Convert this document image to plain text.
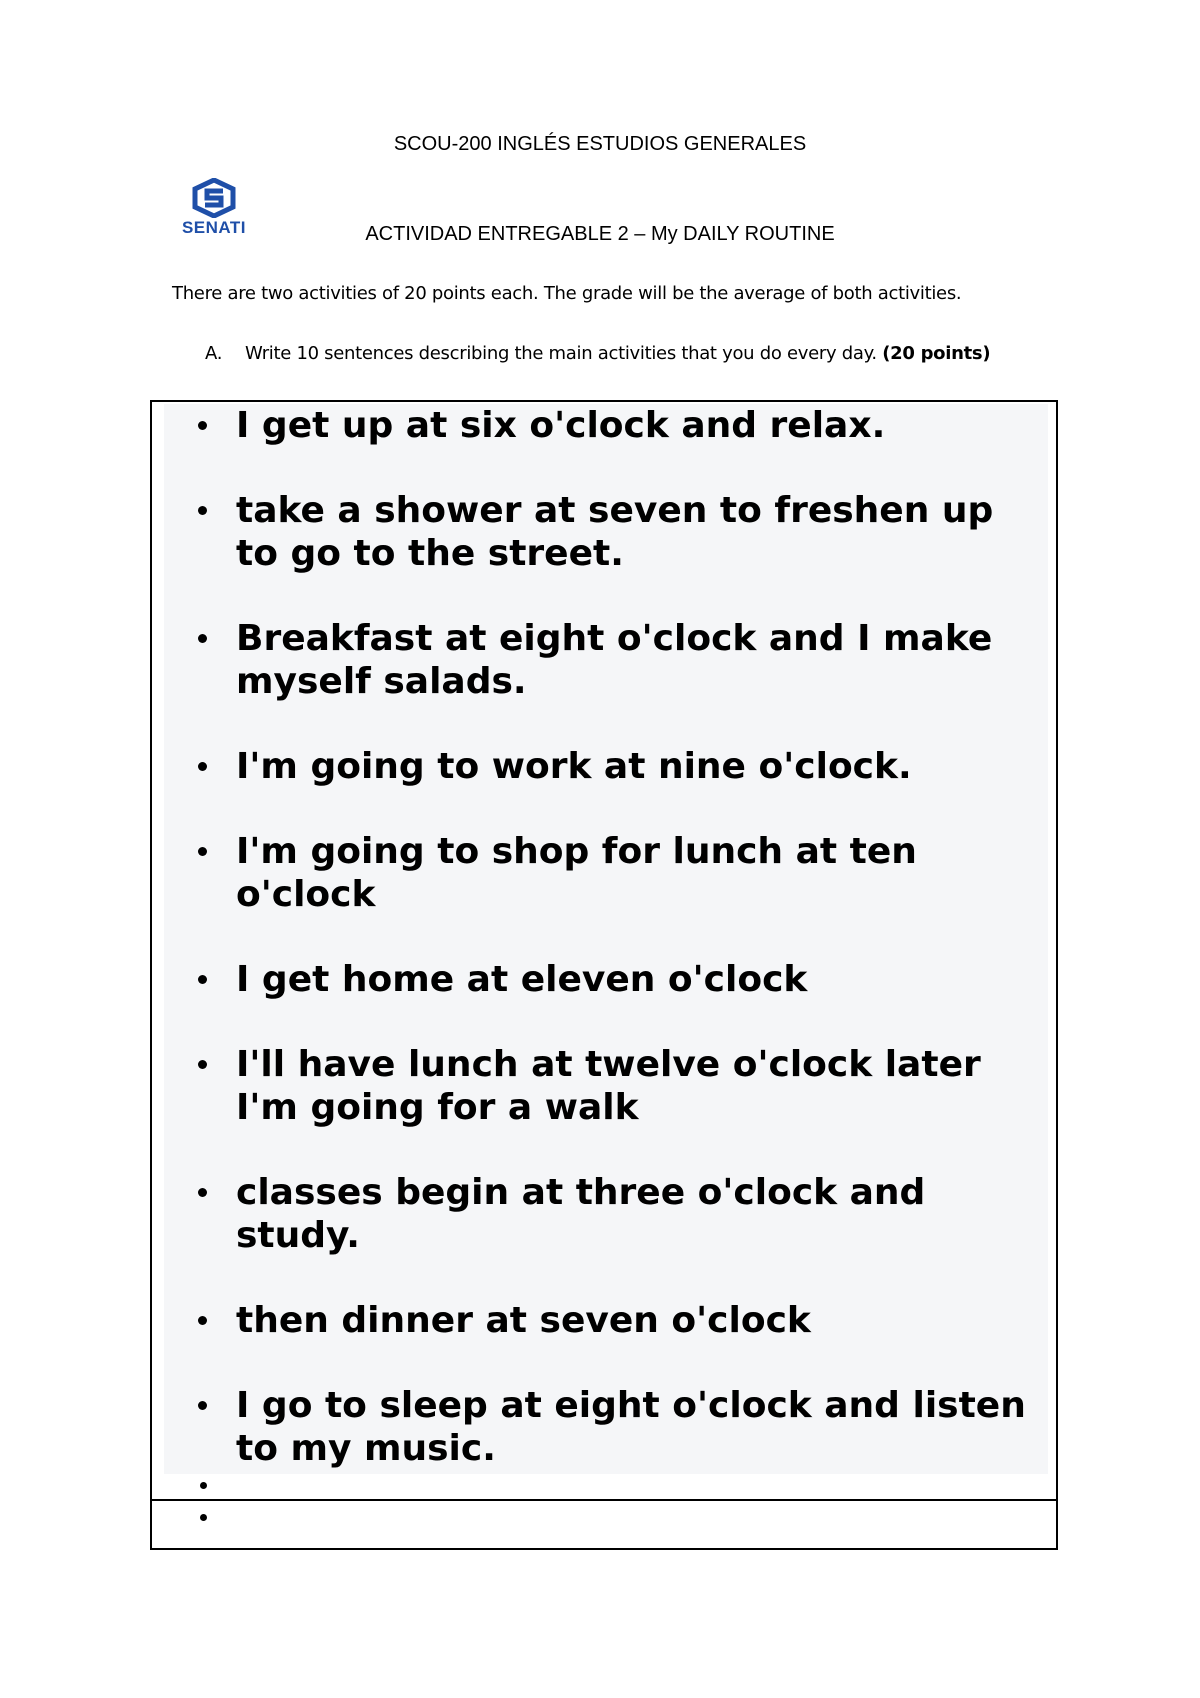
SCOU-200 INGLÉS ESTUDIOS GENERALES
SENATI	ACTIVIDAD ENTREGABLE 2 – My DAILY ROUTINE
There are two activities of 20 points each. The grade will be the average of both activities.
A. Write 10 sentences describing the main activities that you do every day. (20 points)
I get up at six o'clock and relax.
take a shower at seven to freshen up to go to the street.
Breakfast at eight o'clock and I make myself salads.
I'm going to work at nine o'clock.
I'm going to shop for lunch at ten o'clock
I get home at eleven o'clock
I'll have lunch at twelve o'clock later I'm going for a walk
classes begin at three o'clock and study.
then dinner at seven o'clock
I go to sleep at eight o'clock and listen to my music.
